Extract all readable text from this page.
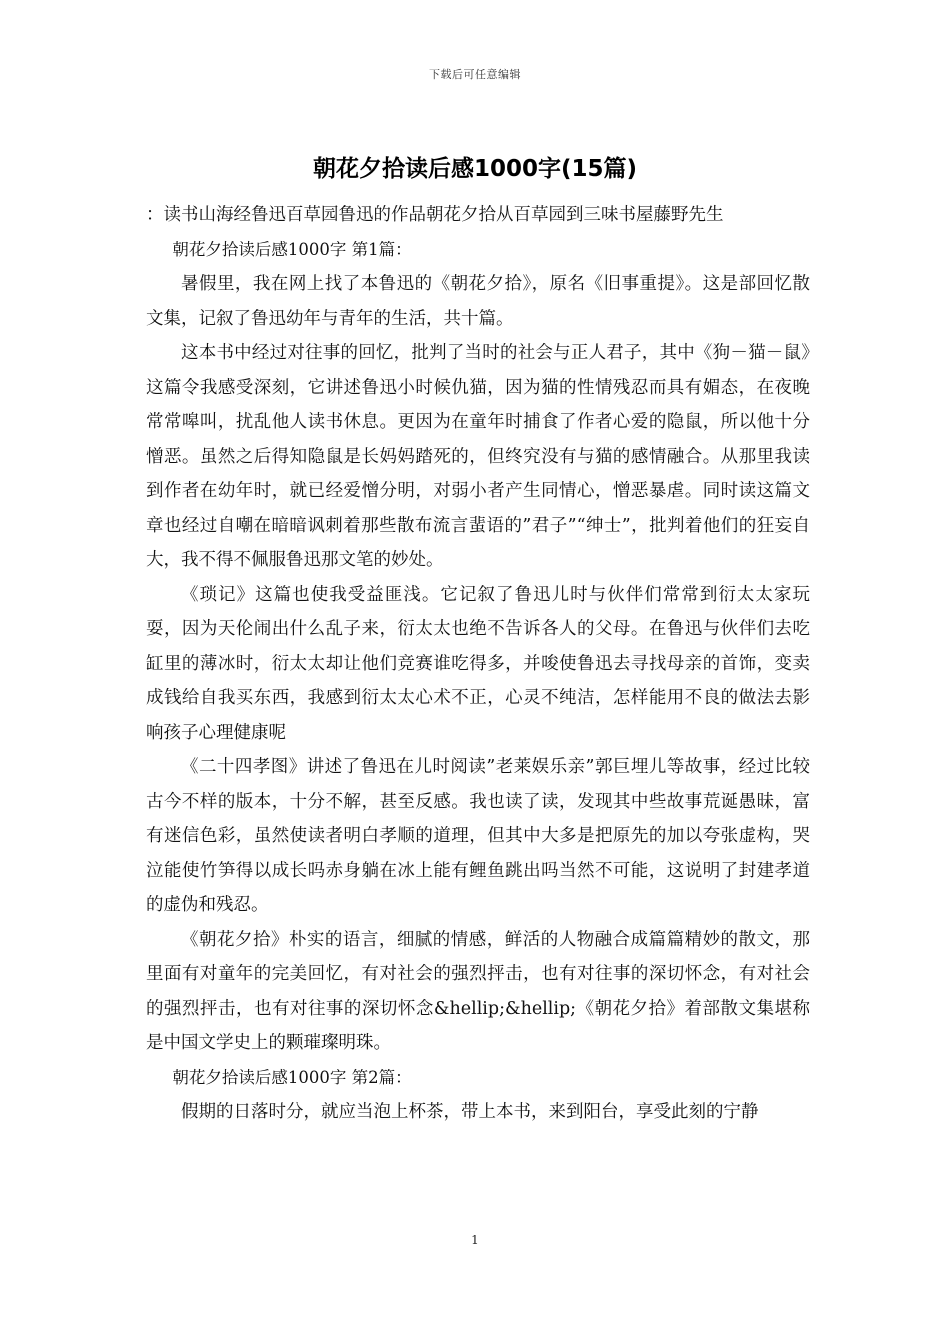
下载后可任意编辑
朝花夕拾读后感1000字(15篇)

：读书山海经鲁迅百草园鲁迅的作品朝花夕拾从百草园到三味书屋藤野先生

朝花夕拾读后感1000字 第1篇：

暑假里，我在网上找了本鲁迅的《朝花夕拾》，原名《旧事重提》。这是部回忆散文集，记叙了鲁迅幼年与青年的生活，共十篇。

这本书中经过对往事的回忆，批判了当时的社会与正人君子，其中《狗－猫－鼠》这篇令我感受深刻，它讲述鲁迅小时候仇猫，因为猫的性情残忍而具有媚态，在夜晚常常嗥叫，扰乱他人读书休息。更因为在童年时捕食了作者心爱的隐鼠，所以他十分憎恶。虽然之后得知隐鼠是长妈妈踏死的，但终究没有与猫的感情融合。从那里我读到作者在幼年时，就已经爱憎分明，对弱小者产生同情心，憎恶暴虐。同时读这篇文章也经过自嘲在暗暗讽刺着那些散布流言蜚语的”君子”“绅士”，批判着他们的狂妄自大，我不得不佩服鲁迅那文笔的妙处。

《琐记》这篇也使我受益匪浅。它记叙了鲁迅儿时与伙伴们常常到衍太太家玩耍，因为天伦闹出什么乱子来，衍太太也绝不告诉各人的父母。在鲁迅与伙伴们去吃缸里的薄冰时，衍太太却让他们竞赛谁吃得多，并唆使鲁迅去寻找母亲的首饰，变卖成钱给自我买东西，我感到衍太太心术不正，心灵不纯洁，怎样能用不良的做法去影响孩子心理健康呢

《二十四孝图》讲述了鲁迅在儿时阅读”老莱娱乐亲”郭巨埋儿等故事，经过比较古今不样的版本，十分不解，甚至反感。我也读了读，发现其中些故事荒诞愚昧，富有迷信色彩，虽然使读者明白孝顺的道理，但其中大多是把原先的加以夸张虚构，哭泣能使竹笋得以成长吗赤身躺在冰上能有鲤鱼跳出吗当然不可能，这说明了封建孝道的虚伪和残忍。

《朝花夕拾》朴实的语言，细腻的情感，鲜活的人物融合成篇篇精妙的散文，那里面有对童年的完美回忆，有对社会的强烈抨击，也有对往事的深切怀念，有对社会的强烈抨击，也有对往事的深切怀念&hellip;&hellip;《朝花夕拾》着部散文集堪称是中国文学史上的颗璀璨明珠。

朝花夕拾读后感1000字 第2篇：

假期的日落时分，就应当泡上杯茶，带上本书，来到阳台，享受此刻的宁静

1
